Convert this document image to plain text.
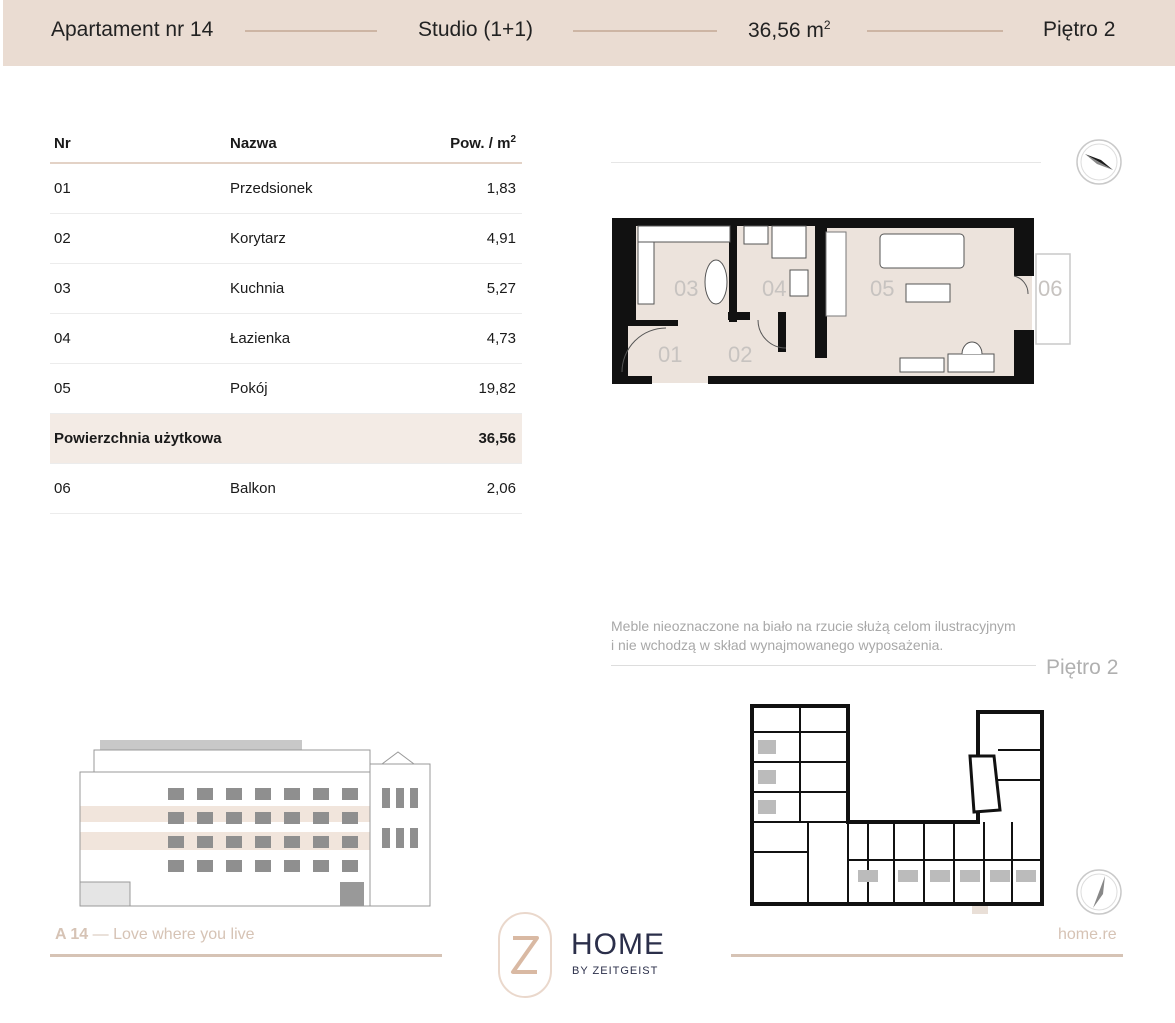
Apartament nr 14	Studio (1+1)	36,56 $m^2$	Piętro 2
Nr	Nazwa	Pow. / $m^2$
01	Przedsionek	1,83
02	Korytarz	4,91
03	Kuchnia	5,27
04	Łazienka	4,73
05	Pokój	19,82
Powierzchnia użytkowa		36,56
06	Balkon	2,06
03	04	05	06
01 02
Meble nieoznaczone na biało na rzucie służą celom ilustracyjnym
i nie wchodzą w skład wynajmowanego wyposażenia.
Piętro 2
A 14 — Love where you live	home.re
HOME
BY ZEITGEIST
